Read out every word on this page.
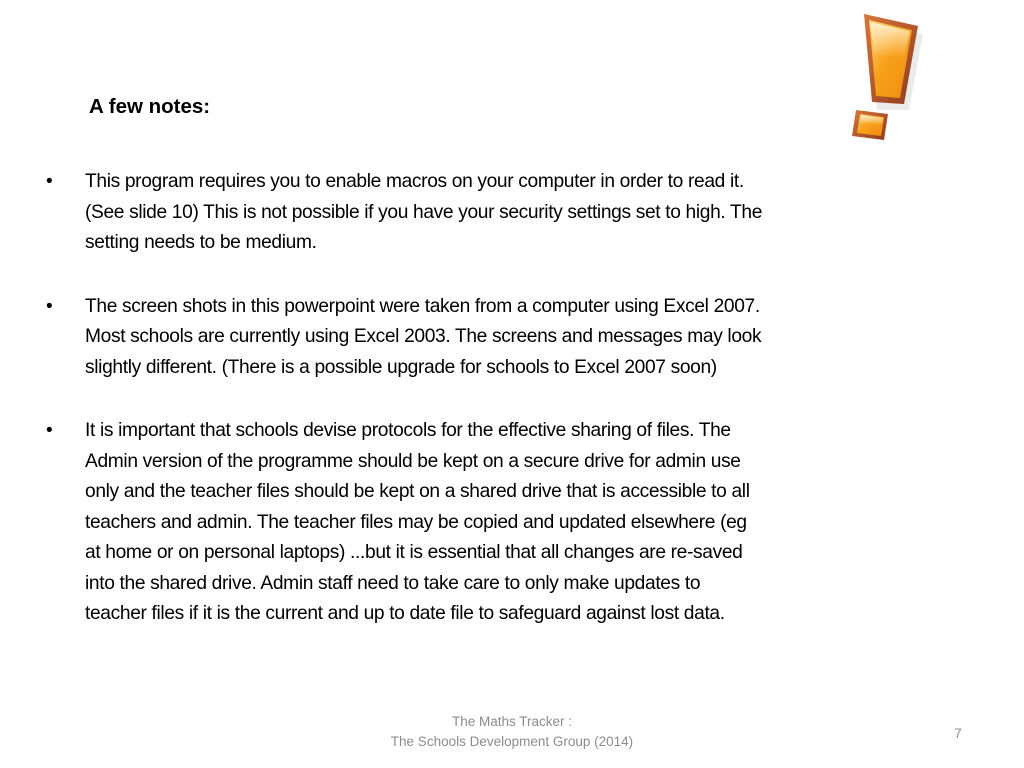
A few notes:
• This program requires you to enable macros on your computer in order to read it.
(See slide 10) This is not possible if you have your security settings set to high. The
setting needs to be medium.
• The screen shots in this powerpoint were taken from a computer using Excel 2007.
Most schools are currently using Excel 2003. The screens and messages may look
slightly different. (There is a possible upgrade for schools to Excel 2007 soon)
• It is important that schools devise protocols for the effective sharing of files. The
Admin version of the programme should be kept on a secure drive for admin use
only and the teacher files should be kept on a shared drive that is accessible to all
teachers and admin. The teacher files may be copied and updated elsewhere (eg
at home or on personal laptops) ...but it is essential that all changes are re-saved
into the shared drive. Admin staff need to take care to only make updates to
teacher files if it is the current and up to date file to safeguard against lost data.
The Maths Tracker :
The Schools Development Group (2014)
7
